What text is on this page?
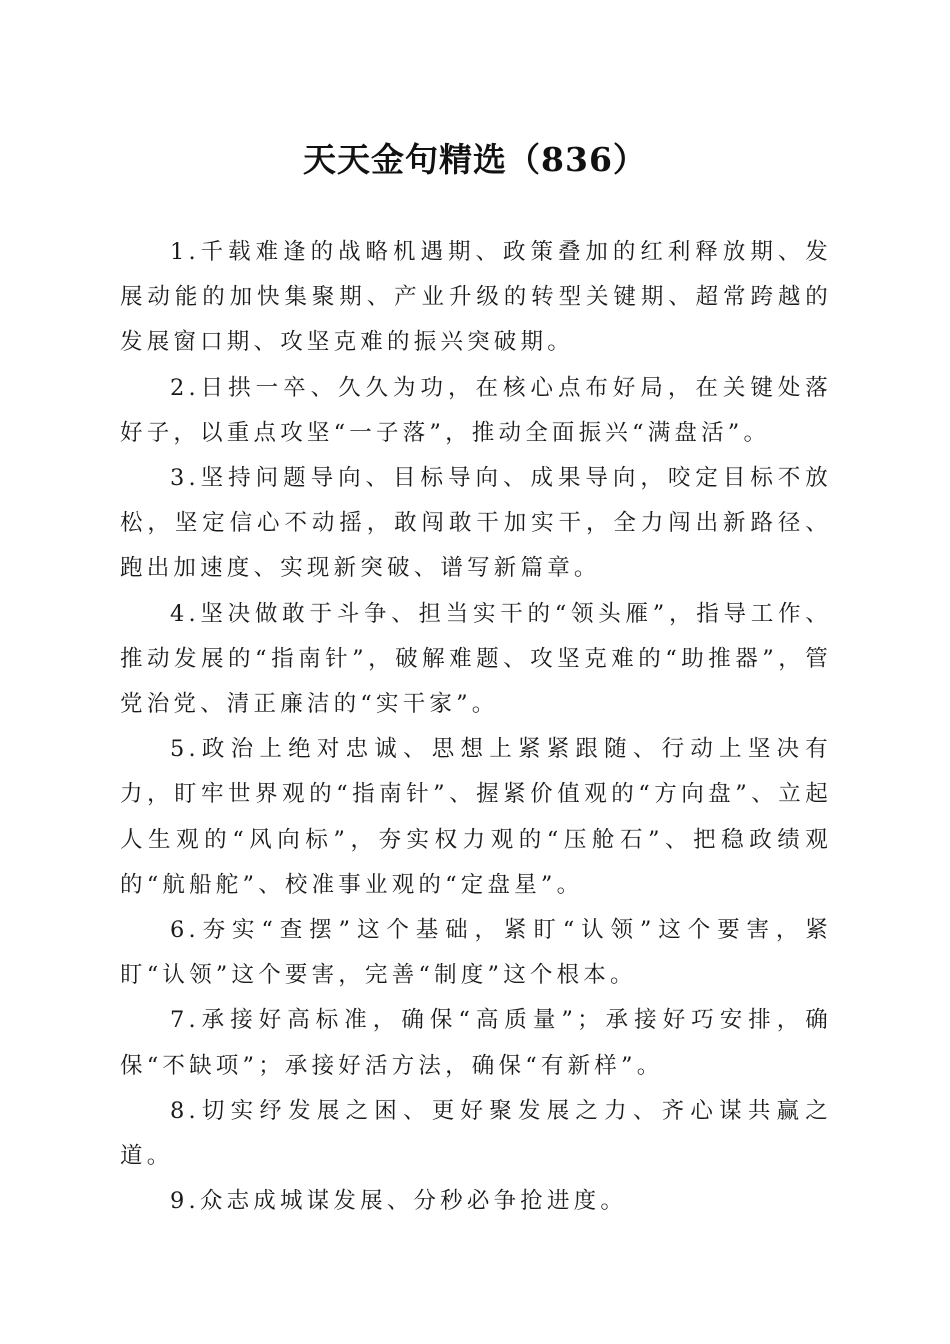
天天金句精选（836）

1.千载难逢的战略机遇期、政策叠加的红利释放期、发展动能的加快集聚期、产业升级的转型关键期、超常跨越的发展窗口期、攻坚克难的振兴突破期。

2.日拱一卒、久久为功，在核心点布好局，在关键处落好子，以重点攻坚“一子落”，推动全面振兴“满盘活”。

3.坚持问题导向、目标导向、成果导向，咬定目标不放松，坚定信心不动摇，敢闯敢干加实干，全力闯出新路径、跑出加速度、实现新突破、谱写新篇章。

4.坚决做敢于斗争、担当实干的“领头雁”，指导工作、推动发展的“指南针”，破解难题、攻坚克难的“助推器”，管党治党、清正廉洁的“实干家”。

5.政治上绝对忠诚、思想上紧紧跟随、行动上坚决有力，盯牢世界观的“指南针”、握紧价值观的“方向盘”、立起人生观的“风向标”，夯实权力观的“压舱石”、把稳政绩观的“航船舵”、校准事业观的“定盘星”。

6.夯实“查摆”这个基础，紧盯“认领”这个要害，紧盯“认领”这个要害，完善“制度”这个根本。

7.承接好高标准，确保“高质量”；承接好巧安排，确保“不缺项”；承接好活方法，确保“有新样”。

8.切实纾发展之困、更好聚发展之力、齐心谋共赢之道。

9.众志成城谋发展、分秒必争抢进度。
